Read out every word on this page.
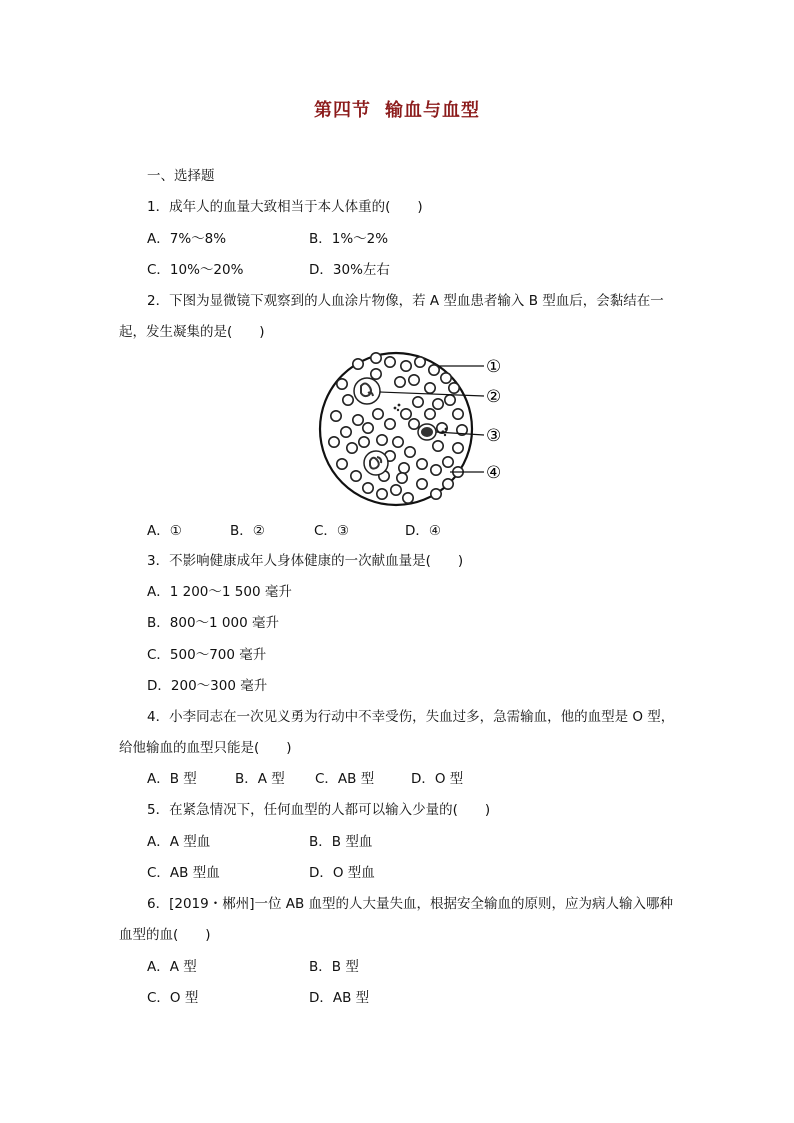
第四节 输血与血型
一、选择题
1．成年人的血量大致相当于本人体重的(　　)
A．7%～8%	B．1%～2%
C．10%～20%	D．30%左右
2．下图为显微镜下观察到的人血涂片物像，若 A 型血患者输入 B 型血后，会黏结在一
起，发生凝集的是(　　)
①
②
③
④
A．①	B．②	C．③	D．④
3．不影响健康成年人身体健康的一次献血量是(　　)
A．1 200～1 500 毫升
B．800～1 000 毫升
C．500～700 毫升
D．200～300 毫升
4．小李同志在一次见义勇为行动中不幸受伤，失血过多，急需输血，他的血型是 O 型，
给他输血的血型只能是(　　)
A．B 型	B．A 型 C．AB 型	D．O 型
5．在紧急情况下，任何血型的人都可以输入少量的(　　)
A．A 型血	B．B 型血
C．AB 型血	D．O 型血
6．[2019・郴州]一位 AB 血型的人大量失血，根据安全输血的原则，应为病人输入哪种
血型的血(　　)
A．A 型	B．B 型
C．O 型	D．AB 型
